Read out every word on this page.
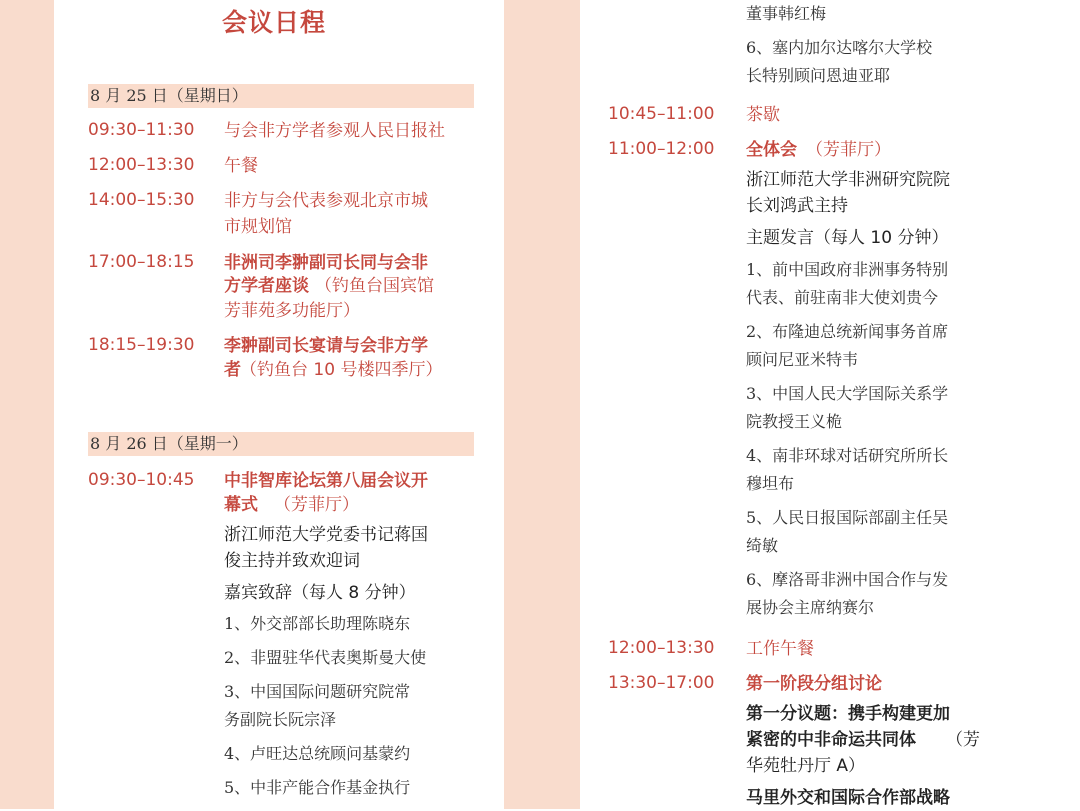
会议日程
8 月 25 日（星期日）
09:30–11:30 与会非方学者参观人民日报社
12:00–13:30 午餐
14:00–15:30 非方与会代表参观北京市城
市规划馆
17:00–18:15 非洲司李翀副司长同与会非
方学者座谈 （钓鱼台国宾馆
芳菲苑多功能厅）
18:15–19:30 李翀副司长宴请与会非方学
者 （钓鱼台 10 号楼四季厅）
8 月 26 日（星期一）
09:30–10:45 中非智库论坛第八届会议开
幕式 （芳菲厅）
浙江师范大学党委书记蒋国
俊主持并致欢迎词
嘉宾致辞（每人 8 分钟）
1、外交部部长助理陈晓东
2、非盟驻华代表奥斯曼大使
3、中国国际问题研究院常
务副院长阮宗泽
4、卢旺达总统顾问基蒙约
5、中非产能合作基金执行
董事韩红梅
6、塞内加尔达喀尔大学校
长特别顾问恩迪亚耶
10:45–11:00 茶歇
11:00–12:00 全体会 （芳菲厅）
浙江师范大学非洲研究院院
长刘鸿武主持
主题发言（每人 10 分钟）
1、前中国政府非洲事务特别
代表、前驻南非大使刘贵今
2、布隆迪总统新闻事务首席
顾问尼亚米特韦
3、中国人民大学国际关系学
院教授王义桅
4、南非环球对话研究所所长
穆坦布
5、人民日报国际部副主任吴
绮敏
6、摩洛哥非洲中国合作与发
展协会主席纳赛尔
12:00–13:30 工作午餐
13:30–17:00 第一阶段分组讨论
第一分议题：携手构建更加
紧密的中非命运共同体 （芳
华苑牡丹厅 A）
马里外交和国际合作部战略
